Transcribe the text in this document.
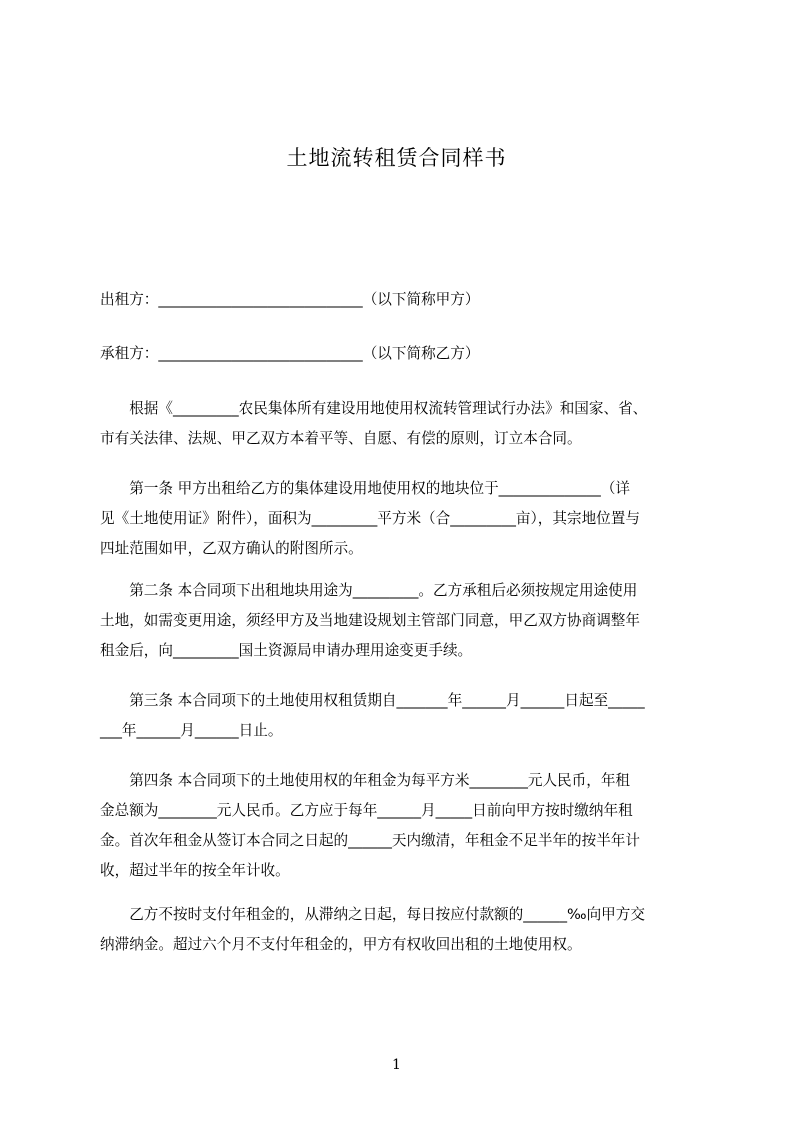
土地流转租赁合同样书
出租方：____________________________（以下简称甲方）
承租方：____________________________（以下简称乙方）

　　根据《_________农民集体所有建设用地使用权流转管理试行办法》和国家、省、

市有关法律、法规、甲乙双方本着平等、自愿、有偿的原则，订立本合同。

　　第一条 甲方出租给乙方的集体建设用地使用权的地块位于______________（详

见《土地使用证》附件），面积为_________平方米（合_________亩），其宗地位置与

四址范围如甲，乙双方确认的附图所示。

　　第二条 本合同项下出租地块用途为_________。乙方承租后必须按规定用途使用

土地，如需变更用途，须经甲方及当地建设规划主管部门同意，甲乙双方协商调整年

租金后，向_________国土资源局申请办理用途变更手续。

　　第三条 本合同项下的土地使用权租赁期自_______年______月______日起至_____

___年______月______日止。

　　第四条 本合同项下的土地使用权的年租金为每平方米________元人民币，年租

金总额为________元人民币。乙方应于每年______月_____日前向甲方按时缴纳年租

金。首次年租金从签订本合同之日起的______天内缴清，年租金不足半年的按半年计

收，超过半年的按全年计收。

　　乙方不按时支付年租金的，从滞纳之日起，每日按应付款额的______‰向甲方交

纳滞纳金。超过六个月不支付年租金的，甲方有权收回出租的土地使用权。

1
